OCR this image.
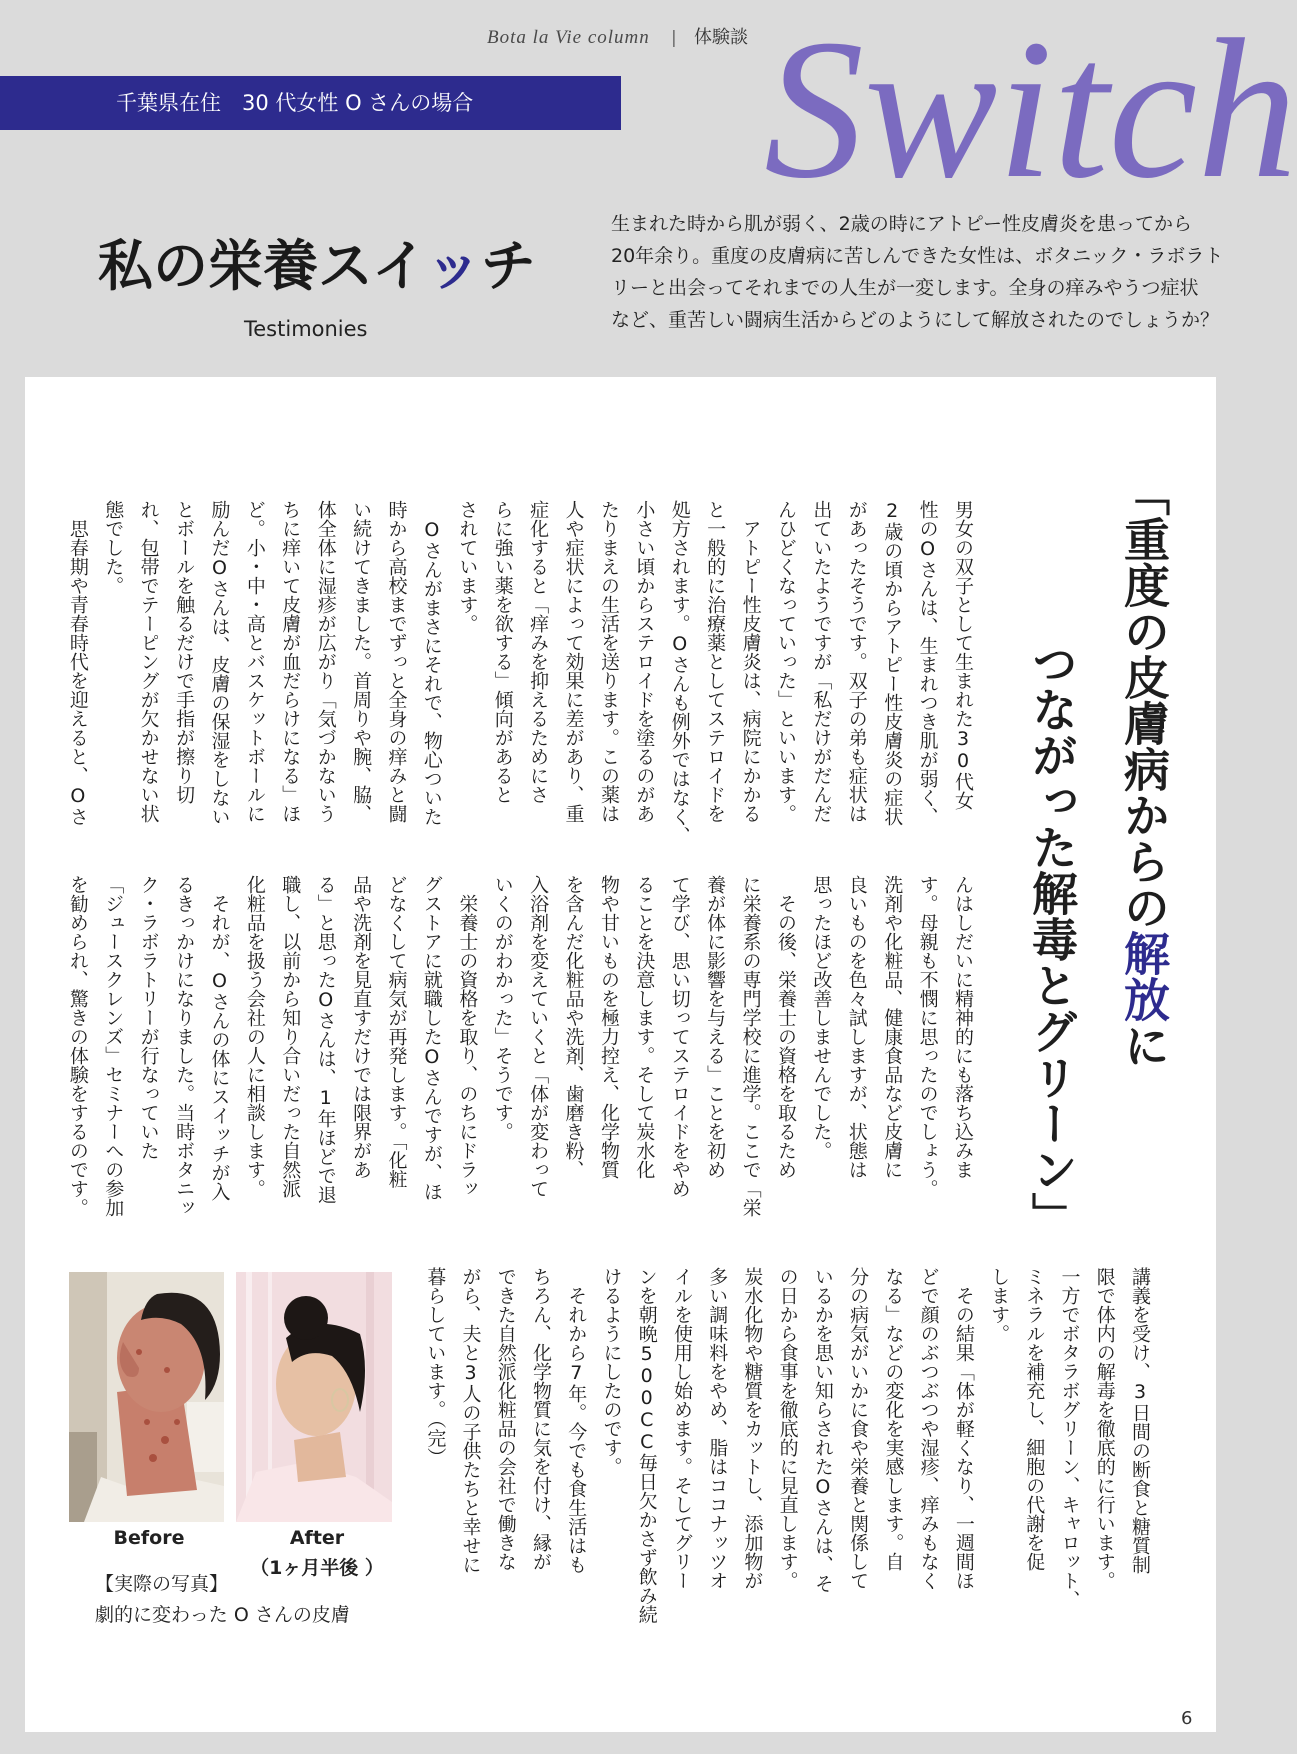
Bota la Vie column | 体験談
千葉県在住　30 代女性 O さんの場合 Switch
私の栄養スイッチ
Testimonies
生まれた時から肌が弱く、2歳の時にアトピー性皮膚炎を患ってから
20年余り。重度の皮膚病に苦しんできた女性は、ボタニック・ラボラト
リーと出会ってそれまでの人生が一変します。全身の痒みやうつ症状
など、重苦しい闘病生活からどのようにして解放されたのでしょうか？
「重度の皮膚病からの解放に
つながった解毒とグリーン」
男女の双子として生まれた30代女
性のOさんは、生まれつき肌が弱く、
2歳の頃からアトピー性皮膚炎の症状
があったそうです。双子の弟も症状は
出ていたようですが「私だけがだんだ
んひどくなっていった」といいます。
　アトピー性皮膚炎は、病院にかかる
と一般的に治療薬としてステロイドを
処方されます。Oさんも例外ではなく、
小さい頃からステロイドを塗るのがあ
たりまえの生活を送ります。この薬は
人や症状によって効果に差があり、重
症化すると「痒みを抑えるためにさ
らに強い薬を欲する」傾向があると
されています。
　Oさんがまさにそれで、物心ついた
時から高校までずっと全身の痒みと闘
い続けてきました。首周りや腕、脇、
体全体に湿疹が広がり「気づかないう
ちに痒いて皮膚が血だらけになる」ほ
ど。小・中・高とバスケットボールに
励んだOさんは、皮膚の保湿をしない
とボールを触るだけで手指が擦り切
れ、包帯でテーピングが欠かせない状
態でした。
　思春期や青春時代を迎えると、Oさ
んはしだいに精神的にも落ち込みま
す。母親も不憫に思ったのでしょう。
洗剤や化粧品、健康食品など皮膚に
良いものを色々試しますが、状態は
思ったほど改善しませんでした。
　その後、栄養士の資格を取るため
に栄養系の専門学校に進学。ここで「栄
養が体に影響を与える」ことを初め
て学び、思い切ってステロイドをやめ
ることを決意します。そして炭水化
物や甘いものを極力控え、化学物質
を含んだ化粧品や洗剤、歯磨き粉、
入浴剤を変えていくと「体が変わって
いくのがわかった」そうです。
　栄養士の資格を取り、のちにドラッ
グストアに就職したOさんですが、ほ
どなくして病気が再発します。「化粧
品や洗剤を見直すだけでは限界があ
る」と思ったOさんは、1年ほどで退
職し、以前から知り合いだった自然派
化粧品を扱う会社の人に相談します。
　それが、Oさんの体にスイッチが入
るきっかけになりました。当時ボタニッ
ク・ラボラトリーが行なっていた
「ジュースクレンズ」セミナーへの参加
を勧められ、驚きの体験をするのです。
講義を受け、3日間の断食と糖質制
限で体内の解毒を徹底的に行います。
一方でボタラボグリーン、キャロット、
ミネラルを補充し、細胞の代謝を促
します。
　その結果「体が軽くなり、一週間ほ
どで顔のぶつぶつや湿疹、痒みもなく
なる」などの変化を実感します。自
分の病気がいかに食や栄養と関係して
いるかを思い知らされたOさんは、そ
の日から食事を徹底的に見直します。
炭水化物や糖質をカットし、添加物が
多い調味料をやめ、脂はココナッツオ
イルを使用し始めます。そしてグリー
ンを朝晩500CC毎日欠かさず飲み続
けるようにしたのです。
　それから7年。今でも食生活はも
ちろん、化学物質に気を付け、縁が
できた自然派化粧品の会社で働きな
がら、夫と3人の子供たちと幸せに
暮らしています。（完）
Before	After
（1ヶ月半後 ）
【実際の写真】
劇的に変わった O さんの皮膚
6
